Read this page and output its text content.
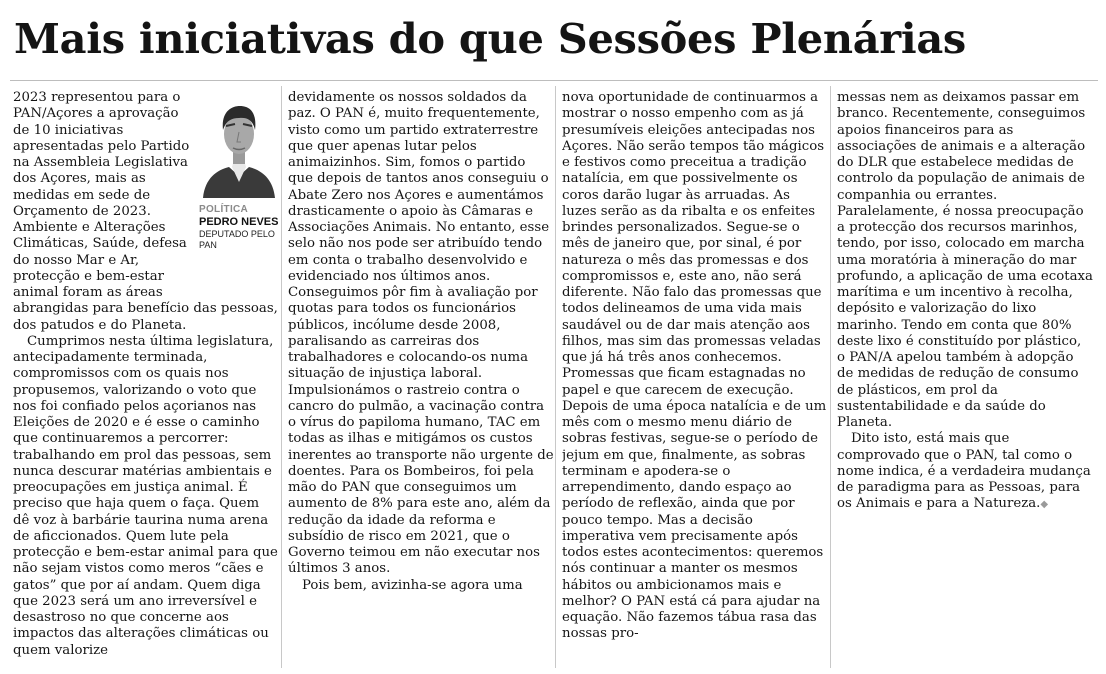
Mais iniciativas do que Sessões Plenárias
POLÍTICA
PEDRO NEVES
DEPUTADO PELO PAN

2023 representou para o PAN/Açores a aprovação de 10 iniciativas apresentadas pelo Partido na Assembleia Legislativa dos Açores, mais as medidas em sede de Orçamento de 2023. Ambiente e Alterações Climáticas, Saúde, defesa do nosso Mar e Ar, protecção e bem-estar animal foram as áreas abrangidas para benefício das pessoas, dos patudos e do Planeta.

Cumprimos nesta última legislatura, antecipadamente terminada, compromissos com os quais nos propusemos, valorizando o voto que nos foi confiado pelos açorianos nas Eleições de 2020 e é esse o caminho que continuaremos a percorrer: trabalhando em prol das pessoas, sem nunca descurar matérias ambientais e preocupações em justiça animal. É preciso que haja quem o faça. Quem dê voz à barbárie taurina numa arena de aficcionados. Quem lute pela protecção e bem-estar animal para que não sejam vistos como meros “cães e gatos” que por aí andam. Quem diga que 2023 será um ano irreversível e desastroso no que concerne aos impactos das alterações climáticas ou quem valorize

devidamente os nossos soldados da paz. O PAN é, muito frequentemente, visto como um partido extraterrestre que quer apenas lutar pelos animaizinhos. Sim, fomos o partido que depois de tantos anos conseguiu o Abate Zero nos Açores e aumentámos drasticamente o apoio às Câmaras e Associações Animais. No entanto, esse selo não nos pode ser atribuído tendo em conta o trabalho desenvolvido e evidenciado nos últimos anos. Conseguimos pôr fim à avaliação por quotas para todos os funcionários públicos, incólume desde 2008, paralisando as carreiras dos trabalhadores e colocando-os numa situação de injustiça laboral. Impulsionámos o rastreio contra o cancro do pulmão, a vacinação contra o vírus do papiloma humano, TAC em todas as ilhas e mitigámos os custos inerentes ao transporte não urgente de doentes. Para os Bombeiros, foi pela mão do PAN que conseguimos um aumento de 8% para este ano, além da redução da idade da reforma e subsídio de risco em 2021, que o Governo teimou em não executar nos últimos 3 anos.

Pois bem, avizinha-se agora uma

nova oportunidade de continuarmos a mostrar o nosso empenho com as já presumíveis eleições antecipadas nos Açores. Não serão tempos tão mágicos e festivos como preceitua a tradição natalícia, em que possivelmente os coros darão lugar às arruadas. As luzes serão as da ribalta e os enfeites brindes personalizados. Segue-se o mês de janeiro que, por sinal, é por natureza o mês das promessas e dos compromissos e, este ano, não será diferente. Não falo das promessas que todos delineamos de uma vida mais saudável ou de dar mais atenção aos filhos, mas sim das promessas veladas que já há três anos conhecemos. Promessas que ficam estagnadas no papel e que carecem de execução. Depois de uma época natalícia e de um mês com o mesmo menu diário de sobras festivas, segue-se o período de jejum em que, finalmente, as sobras terminam e apodera-se o arrependimento, dando espaço ao período de reflexão, ainda que por pouco tempo. Mas a decisão imperativa vem precisamente após todos estes acontecimentos: queremos nós continuar a manter os mesmos hábitos ou ambicionamos mais e melhor? O PAN está cá para ajudar na equação. Não fazemos tábua rasa das nossas pro-

messas nem as deixamos passar em branco. Recentemente, conseguimos apoios financeiros para as associações de animais e a alteração do DLR que estabelece medidas de controlo da população de animais de companhia ou errantes. Paralelamente, é nossa preocupação a protecção dos recursos marinhos, tendo, por isso, colocado em marcha uma moratória à mineração do mar profundo, a aplicação de uma ecotaxa marítima e um incentivo à recolha, depósito e valorização do lixo marinho. Tendo em conta que 80% deste lixo é constituído por plástico, o PAN/A apelou também à adopção de medidas de redução de consumo de plásticos, em prol da sustentabilidade e da saúde do Planeta.

Dito isto, está mais que comprovado que o PAN, tal como o nome indica, é a verdadeira mudança de paradigma para as Pessoas, para os Animais e para a Natureza.◆
